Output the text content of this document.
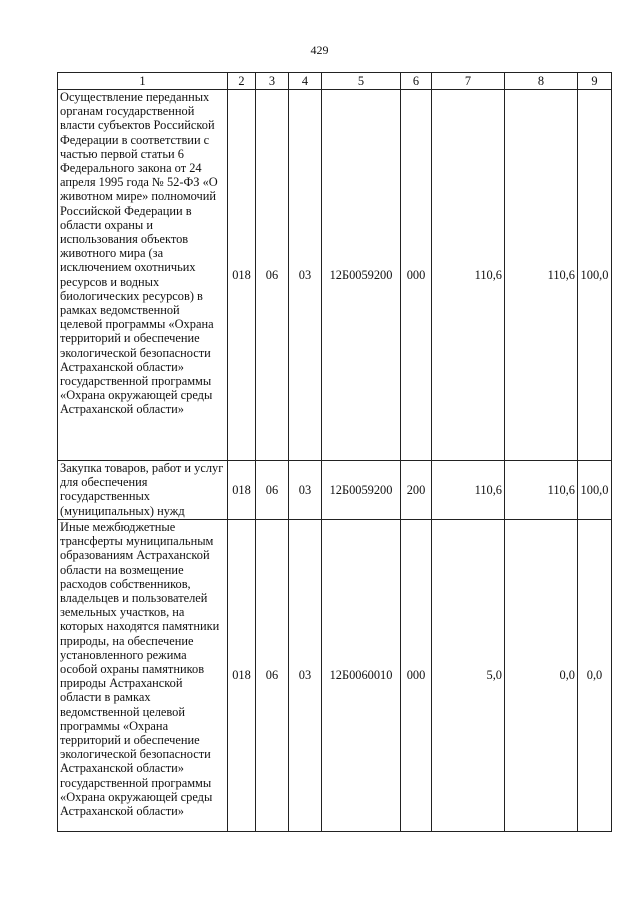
429
1	2	3	4	5	6	7	8	9
Осуществление переданных органам государственной власти субъектов Российской Федерации в соответствии с частью первой статьи 6 Федерального закона от 24 апреля 1995 года № 52-ФЗ «О животном мире» полномочий Российской Федерации в области охраны и использования объектов животного мира (за исключением охотничьих ресурсов и водных биологических ресурсов) в рамках ведомственной целевой программы «Охрана территорий и обеспечение экологической безопасности Астраханской области» государственной программы «Охрана окружающей среды Астраханской области»	018	06	03	12Б0059200	000	110,6	110,6	100,0
Закупка товаров, работ и услуг для обеспечения государственных (муниципальных) нужд	018	06	03	12Б0059200	200	110,6	110,6	100,0
Иные межбюджетные трансферты муниципальным образованиям Астраханской области на возмещение расходов собственников, владельцев и пользователей земельных участков, на которых находятся памятники природы, на обеспечение установленного режима особой охраны памятников природы Астраханской области в рамках ведомственной целевой программы «Охрана территорий и обеспечение экологической безопасности Астраханской области» государственной программы «Охрана окружающей среды Астраханской области»	018	06	03	12Б0060010	000	5,0	0,0	0,0
